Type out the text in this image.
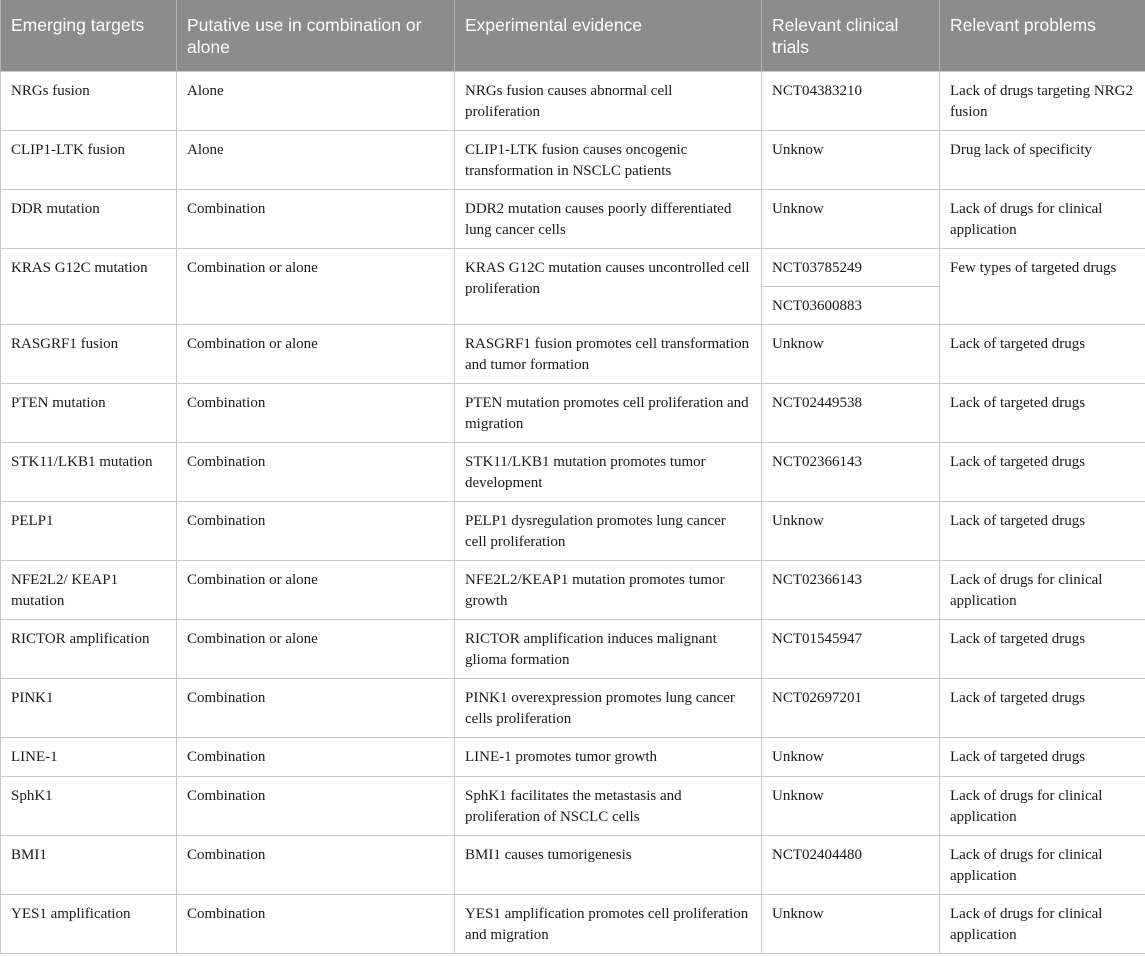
Emerging targets	Putative use in combination or alone	Experimental evidence	Relevant clinical trials	Relevant problems
NRGs fusion	Alone	NRGs fusion causes abnormal cell proliferation	NCT04383210	Lack of drugs targeting NRG2 fusion
CLIP1-LTK fusion	Alone	CLIP1-LTK fusion causes oncogenic transformation in NSCLC patients	Unknow	Drug lack of specificity
DDR mutation	Combination	DDR2 mutation causes poorly differentiated lung cancer cells	Unknow	Lack of drugs for clinical application
KRAS G12C mutation	Combination or alone	KRAS G12C mutation causes uncontrolled cell proliferation	NCT03785249	Few types of targeted drugs
			NCT03600883	
RASGRF1 fusion	Combination or alone	RASGRF1 fusion promotes cell transformation and tumor formation	Unknow	Lack of targeted drugs
PTEN mutation	Combination	PTEN mutation promotes cell proliferation and migration	NCT02449538	Lack of targeted drugs
STK11/LKB1 mutation	Combination	STK11/LKB1 mutation promotes tumor development	NCT02366143	Lack of targeted drugs
PELP1	Combination	PELP1 dysregulation promotes lung cancer cell proliferation	Unknow	Lack of targeted drugs
NFE2L2/ KEAP1 mutation	Combination or alone	NFE2L2/KEAP1 mutation promotes tumor growth	NCT02366143	Lack of drugs for clinical application
RICTOR amplification	Combination or alone	RICTOR amplification induces malignant glioma formation	NCT01545947	Lack of targeted drugs
PINK1	Combination	PINK1 overexpression promotes lung cancer cells proliferation	NCT02697201	Lack of targeted drugs
LINE-1	Combination	LINE-1 promotes tumor growth	Unknow	Lack of targeted drugs
SphK1	Combination	SphK1 facilitates the metastasis and proliferation of NSCLC cells	Unknow	Lack of drugs for clinical application
BMI1	Combination	BMI1 causes tumorigenesis	NCT02404480	Lack of drugs for clinical application
YES1 amplification	Combination	YES1 amplification promotes cell proliferation and migration	Unknow	Lack of drugs for clinical application
